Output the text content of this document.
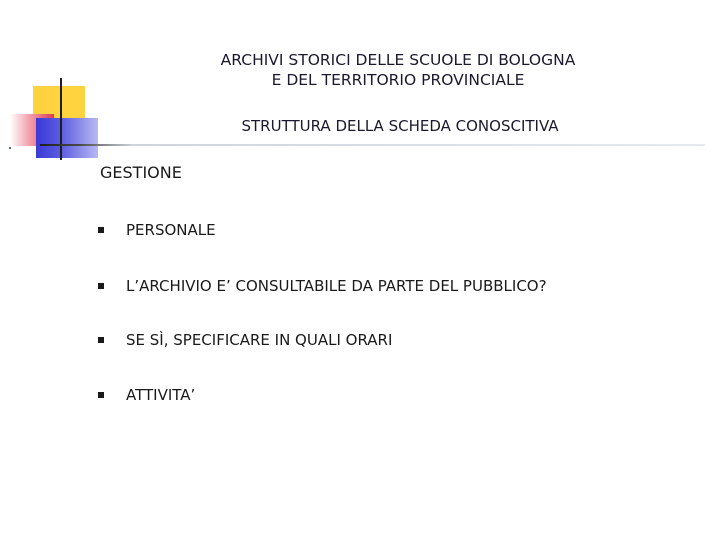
ARCHIVI STORICI DELLE SCUOLE DI BOLOGNA
E DEL TERRITORIO PROVINCIALE
STRUTTURA DELLA SCHEDA CONOSCITIVA
GESTIONE
PERSONALE
L’ARCHIVIO E’ CONSULTABILE DA PARTE DEL PUBBLICO?
SE SÌ, SPECIFICARE IN QUALI ORARI
ATTIVITA’
